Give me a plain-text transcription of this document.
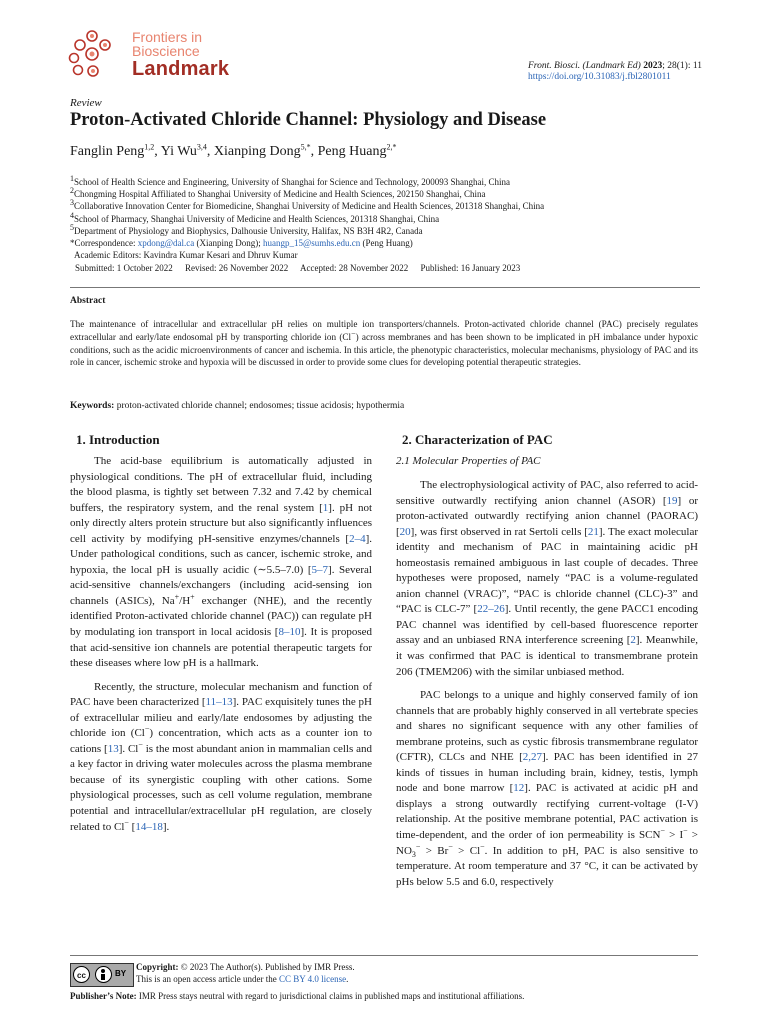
Frontiers in
Bioscience
Landmark	Front. Biosci. (Landmark Ed) 2023; 28(1): 11
https://doi.org/10.31083/j.fbl2801011
Review
Proton-Activated Chloride Channel: Physiology and Disease
Fanglin Peng$^{1,2}$, Yi Wu$^{3,4}$, Xianping Dong$^{5,*}$, Peng Huang$^{2,*}$
$^1$School of Health Science and Engineering, University of Shanghai for Science and Technology, 200093 Shanghai, China
$^2$Chongming Hospital Affiliated to Shanghai University of Medicine and Health Sciences, 202150 Shanghai, China
$^3$Collaborative Innovation Center for Biomedicine, Shanghai University of Medicine and Health Sciences, 201318 Shanghai, China
$^4$School of Pharmacy, Shanghai University of Medicine and Health Sciences, 201318 Shanghai, China
$^5$Department of Physiology and Biophysics, Dalhousie University, Halifax, NS B3H 4R2, Canada
*Correspondence: xpdong@dal.ca (Xianping Dong); huangp_15@sumhs.edu.cn (Peng Huang)
Academic Editors: Kavindra Kumar Kesari and Dhruv Kumar
Submitted: 1 October 2022 Revised: 26 November 2022 Accepted: 28 November 2022 Published: 16 January 2023
Abstract
The maintenance of intracellular and extracellular pH relies on multiple ion transporters/channels. Proton-activated chloride channel (PAC) precisely regulates extracellular and early/late endosomal pH by transporting chloride ion (Cl−) across membranes and has been shown to be implicated in pH imbalance under hypoxic conditions, such as the acidic microenvironments of cancer and ischemia. In this article, the phenotypic characteristics, molecular mechanisms, physiology of PAC and its role in cancer, ischemic stroke and hypoxia will be discussed in order to provide some clues for developing potential therapeutic strategies.
Keywords: proton-activated chloride channel; endosomes; tissue acidosis; hypothermia
1. Introduction

The acid-base equilibrium is automatically adjusted in physiological conditions. The pH of extracellular fluid, including the blood plasma, is tightly set between 7.32 and 7.42 by chemical buffers, the respiratory system, and the renal system [1]. pH not only directly alters protein structure but also significantly influences cell activity by modifying pH-sensitive enzymes/channels [2–4]. Under pathological conditions, such as cancer, ischemic stroke, and hypoxia, the local pH is usually acidic (∼5.5–7.0) [5–7]. Several acid-sensitive channels/exchangers (including acid-sensing ion channels (ASICs), Na+/H+ exchanger (NHE), and the recently identified Proton-activated chloride channel (PAC)) can regulate pH by modulating ion transport in local acidosis [8–10]. It is proposed that acid-sensitive ion channels are potential therapeutic targets for these diseases where low pH is a hallmark.

Recently, the structure, molecular mechanism and function of PAC have been characterized [11–13]. PAC exquisitely tunes the pH of extracellular milieu and early/late endosomes by adjusting the chloride ion (Cl−) concentration, which acts as a counter ion to cations [13]. Cl− is the most abundant anion in mammalian cells and a key factor in driving water molecules across the plasma membrane because of its synergistic coupling with other cations. Some physiological processes, such as cell volume regulation, membrane potential and intracellular/extracellular pH regulation, are closely related to Cl− [14–18].

2. Characterization of PAC
2.1 Molecular Properties of PAC

The electrophysiological activity of PAC, also referred to acid-sensitive outwardly rectifying anion channel (ASOR) [19] or proton-activated outwardly rectifying anion channel (PAORAC) [20], was first observed in rat Sertoli cells [21]. The exact molecular identity and mechanism of PAC in maintaining acidic pH homeostasis remained ambiguous in last couple of decades. Three hypotheses were proposed, namely “PAC is a volume-regulated anion channel (VRAC)”, “PAC is chloride channel (CLC)-3” and “PAC is CLC-7” [22–26]. Until recently, the gene PACC1 encoding PAC channel was identified by cell-based fluorescence reporter assay and an unbiased RNA interference screening [2]. Meanwhile, it was confirmed that PAC is identical to transmembrane protein 206 (TMEM206) with the similar unbiased method.

PAC belongs to a unique and highly conserved family of ion channels that are probably highly conserved in all vertebrate species and shares no significant sequence with any other families of membrane proteins, such as cystic fibrosis transmembrane regulator (CFTR), CLCs and NHE [2,27]. PAC has been identified in 27 kinds of tissues in human including brain, kidney, testis, lymph node and bone marrow [12]. PAC is activated at acidic pH and displays a strong outwardly rectifying current-voltage (I-V) relationship. At the positive membrane potential, PAC activation is time-dependent, and the order of ion permeability is $SCN^- > I^- > NO_3^- > Br^- > Cl^-$. In addition to pH, PAC is also sensitive to temperature. At room temperature and 37 °C, it can be activated by pHs below 5.5 and 6.0, respectively

cc	BY
Copyright: © 2023 The Author(s). Published by IMR Press.
This is an open access article under the CC BY 4.0 license.
Publisher’s Note: IMR Press stays neutral with regard to jurisdictional claims in published maps and institutional affiliations.
